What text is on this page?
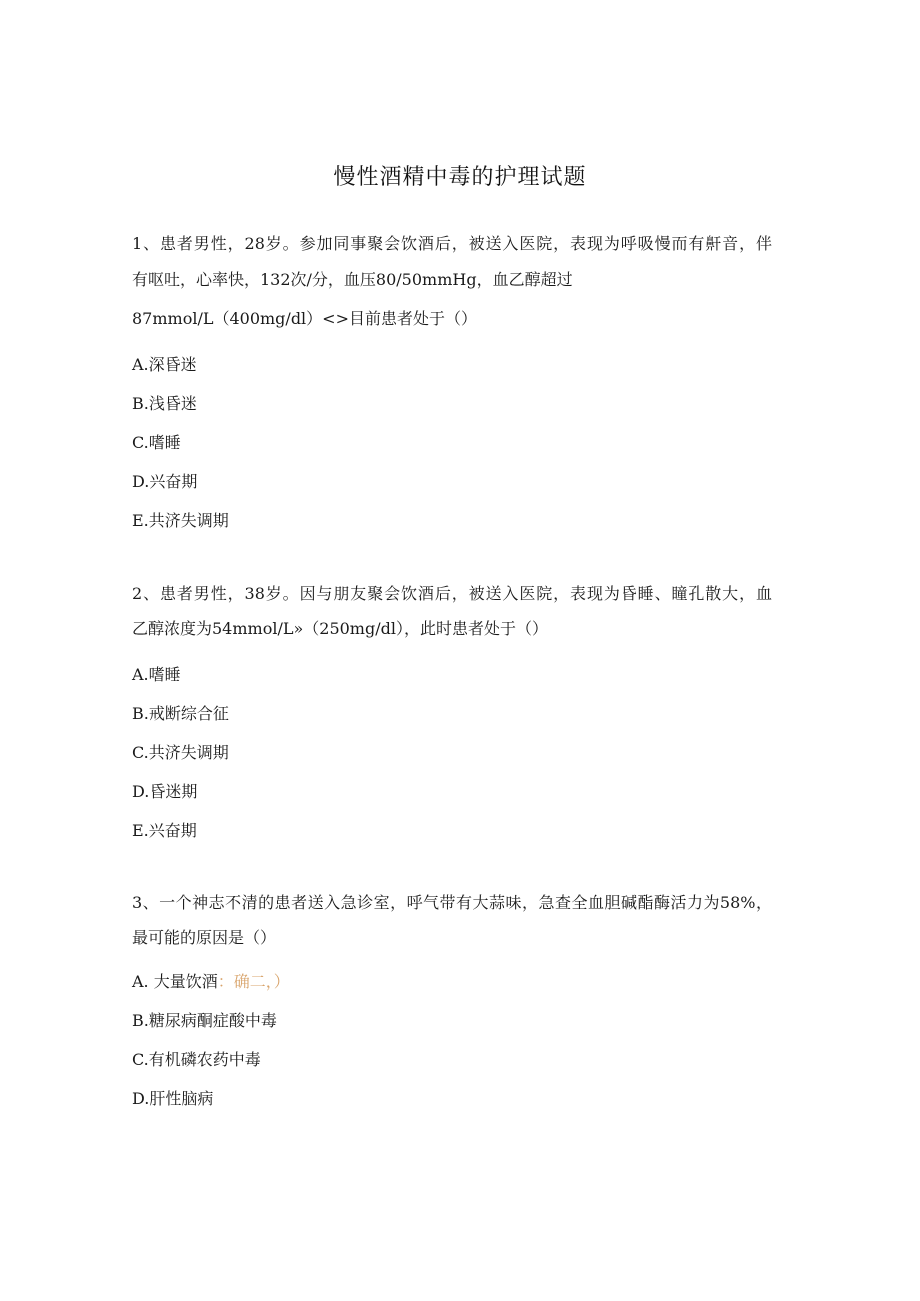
慢性酒精中毒的护理试题
1、患者男性，28岁。参加同事聚会饮酒后，被送入医院，表现为呼吸慢而有鼾音，伴
有呕吐，心率快，132次/分，血压80/50mmHg，血乙醇超过
87mmol/L（400mg/dl）<>目前患者处于（）
A.深昏迷
B.浅昏迷
C.嗜睡
D.兴奋期
E.共济失调期
2、患者男性，38岁。因与朋友聚会饮酒后，被送入医院，表现为昏睡、瞳孔散大，血
乙醇浓度为54mmol/L»（250mg/dl），此时患者处于（）
A.嗜睡
B.戒断综合征
C.共济失调期
D.昏迷期
E.兴奋期
3、一个神志不清的患者送入急诊室，呼气带有大蒜味，急查全血胆碱酯酶活力为58%，
最可能的原因是（）
A. 大量饮酒：确二，）
B.糖尿病酮症酸中毒
C.有机磷农药中毒
D.肝性脑病
